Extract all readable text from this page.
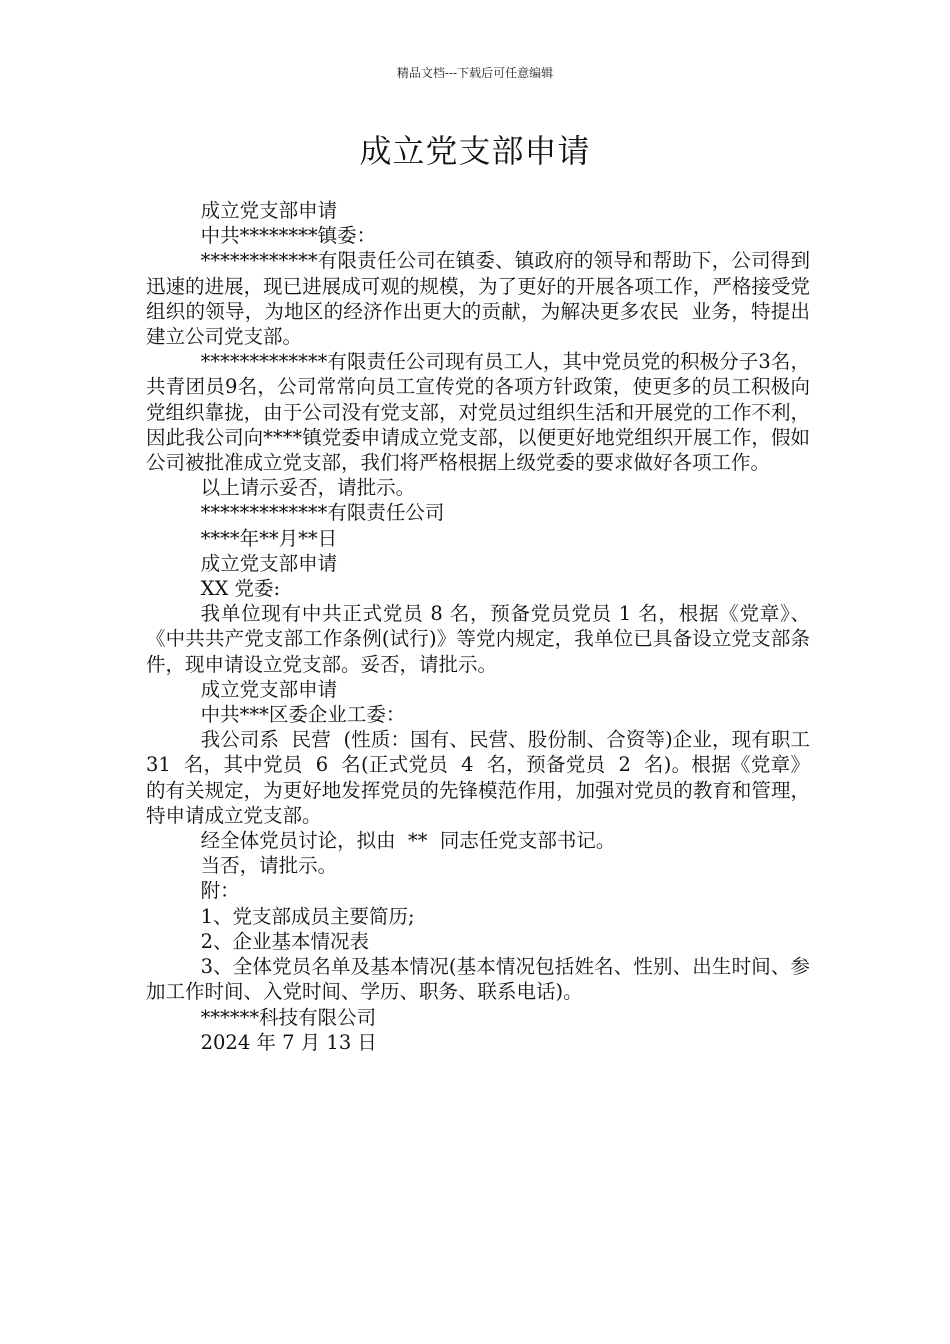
精品文档---下载后可任意编辑
成立党支部申请

成立党支部申请

中共********镇委：

************有限责任公司在镇委、镇政府的领导和帮助下，公司得到迅速的进展，现已进展成可观的规模，为了更好的开展各项工作，严格接受党组织的领导，为地区的经济作出更大的贡献，为解决更多农民  业务，特提出建立公司党支部。

*************有限责任公司现有员工人，其中党员党的积极分子3名，共青团员9名，公司常常向员工宣传党的各项方针政策，使更多的员工积极向党组织靠拢，由于公司没有党支部，对党员过组织生活和开展党的工作不利，因此我公司向****镇党委申请成立党支部，以便更好地党组织开展工作，假如公司被批准成立党支部，我们将严格根据上级党委的要求做好各项工作。

以上请示妥否，请批示。

*************有限责任公司

****年**月**日

成立党支部申请

XX 党委:

我单位现有中共正式党员 8 名，预备党员党员 1 名，根据《党章》、《中共共产党支部工作条例(试行)》等党内规定，我单位已具备设立党支部条件，现申请设立党支部。妥否，请批示。

成立党支部申请

中共***区委企业工委：

我公司系  民营  (性质：国有、民营、股份制、合资等)企业，现有职工  31  名，其中党员  6  名(正式党员  4  名，预备党员  2  名)。根据《党章》的有关规定，为更好地发挥党员的先锋模范作用，加强对党员的教育和管理，特申请成立党支部。

经全体党员讨论，拟由  **  同志任党支部书记。

当否，请批示。

附：

1、党支部成员主要简历;

2、企业基本情况表

3、全体党员名单及基本情况(基本情况包括姓名、性别、出生时间、参加工作时间、入党时间、学历、职务、联系电话)。

******科技有限公司

2024 年 7 月 13 日
